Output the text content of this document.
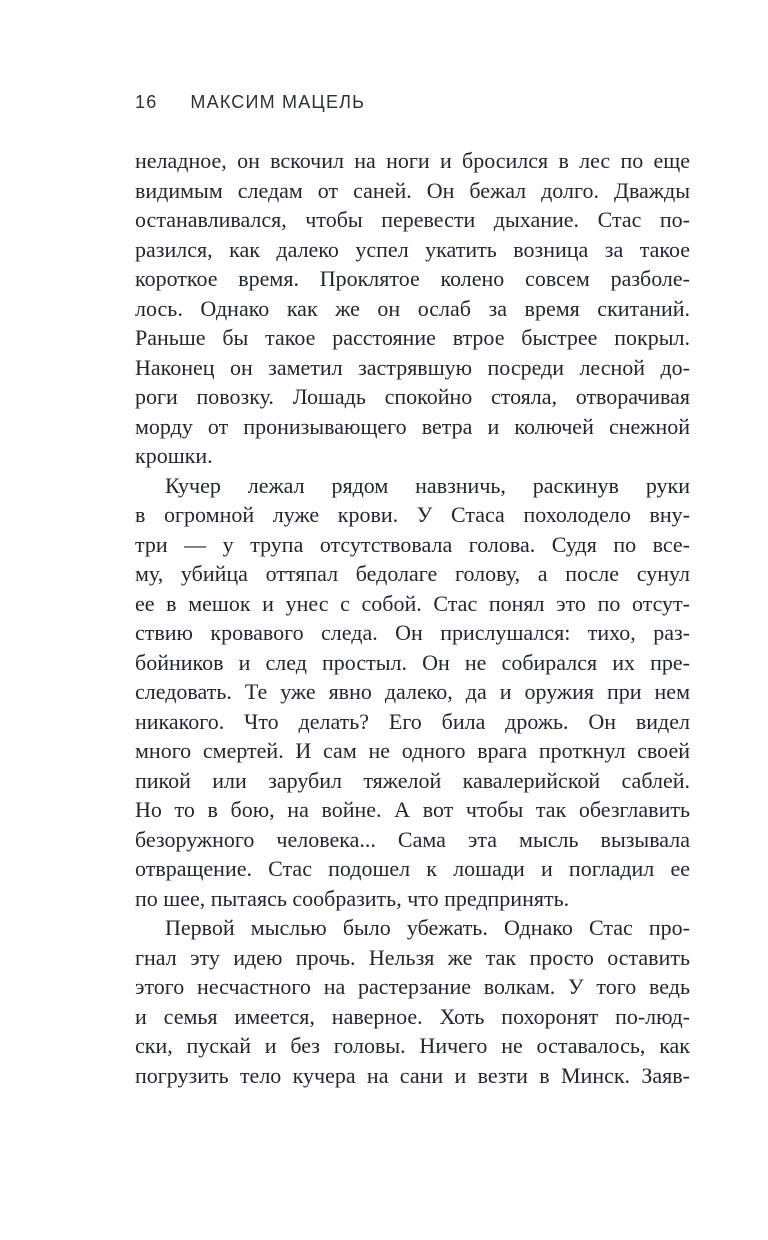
16 МАКСИМ МАЦЕЛЬ
неладное, он вскочил на ноги и бросился в лес по еще
видимым следам от саней. Он бежал долго. Дважды
останавливался, чтобы перевести дыхание. Стас по-
разился, как далеко успел укатить возница за такое
короткое время. Проклятое колено совсем разболе-
лось. Однако как же он ослаб за время скитаний.
Раньше бы такое расстояние втрое быстрее покрыл.
Наконец он заметил застрявшую посреди лесной до-
роги повозку. Лошадь спокойно стояла, отворачивая
морду от пронизывающего ветра и колючей снежной
крошки.
Кучер лежал рядом навзничь, раскинув руки
в огромной луже крови. У Стаса похолодело вну-
три — у трупа отсутствовала голова. Судя по все-
му, убийца оттяпал бедолаге голову, а после сунул
ее в мешок и унес с собой. Стас понял это по отсут-
ствию кровавого следа. Он прислушался: тихо, раз-
бойников и след простыл. Он не собирался их пре-
следовать. Те уже явно далеко, да и оружия при нем
никакого. Что делать? Его била дрожь. Он видел
много смертей. И сам не одного врага проткнул своей
пикой или зарубил тяжелой кавалерийской саблей.
Но то в бою, на войне. А вот чтобы так обезглавить
безоружного человека... Сама эта мысль вызывала
отвращение. Стас подошел к лошади и погладил ее
по шее, пытаясь сообразить, что предпринять.
Первой мыслью было убежать. Однако Стас про-
гнал эту идею прочь. Нельзя же так просто оставить
этого несчастного на растерзание волкам. У того ведь
и семья имеется, наверное. Хоть похоронят по-люд-
ски, пускай и без головы. Ничего не оставалось, как
погрузить тело кучера на сани и везти в Минск. Заяв-
